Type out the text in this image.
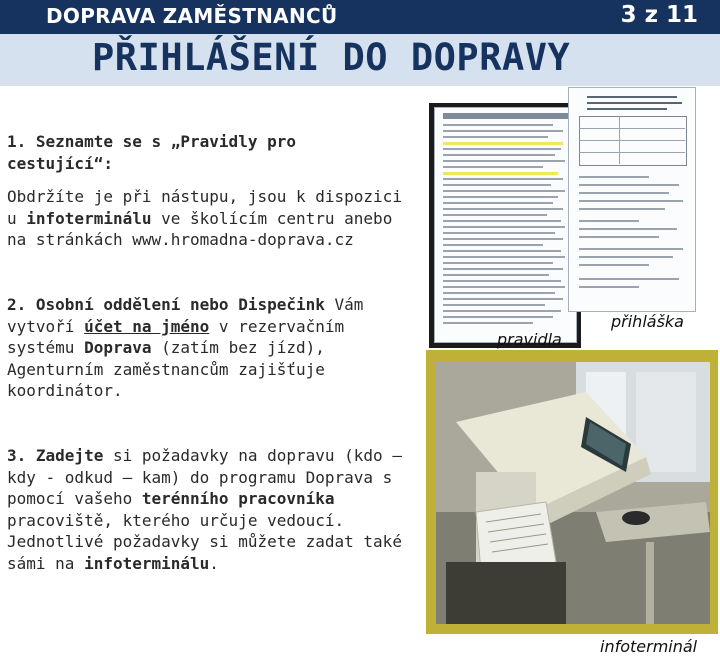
DOPRAVA ZAMĚSTNANCŮ	3 z 11
PŘIHLÁŠENÍ DO DOPRAVY
1. Seznamte se s „Pravidly pro cestující“:
Obdržíte je při nástupu, jsou k dispozici u infoterminálu ve školícím centru anebo na stránkách www.hromadna-doprava.cz
2. Osobní oddělení nebo Dispečink Vám vytvoří účet na jméno v rezervačním systému Doprava (zatím bez jízd), Agenturním zaměstnancům zajišťuje koordinátor.
3. Zadejte si požadavky na dopravu (kdo – kdy - odkud – kam) do programu Doprava s pomocí vašeho terénního pracovníka pracoviště, kterého určuje vedoucí. Jednotlivé požadavky si můžete zadat také sámi na infoterminálu.
pravidla
přihláška
infoterminál
